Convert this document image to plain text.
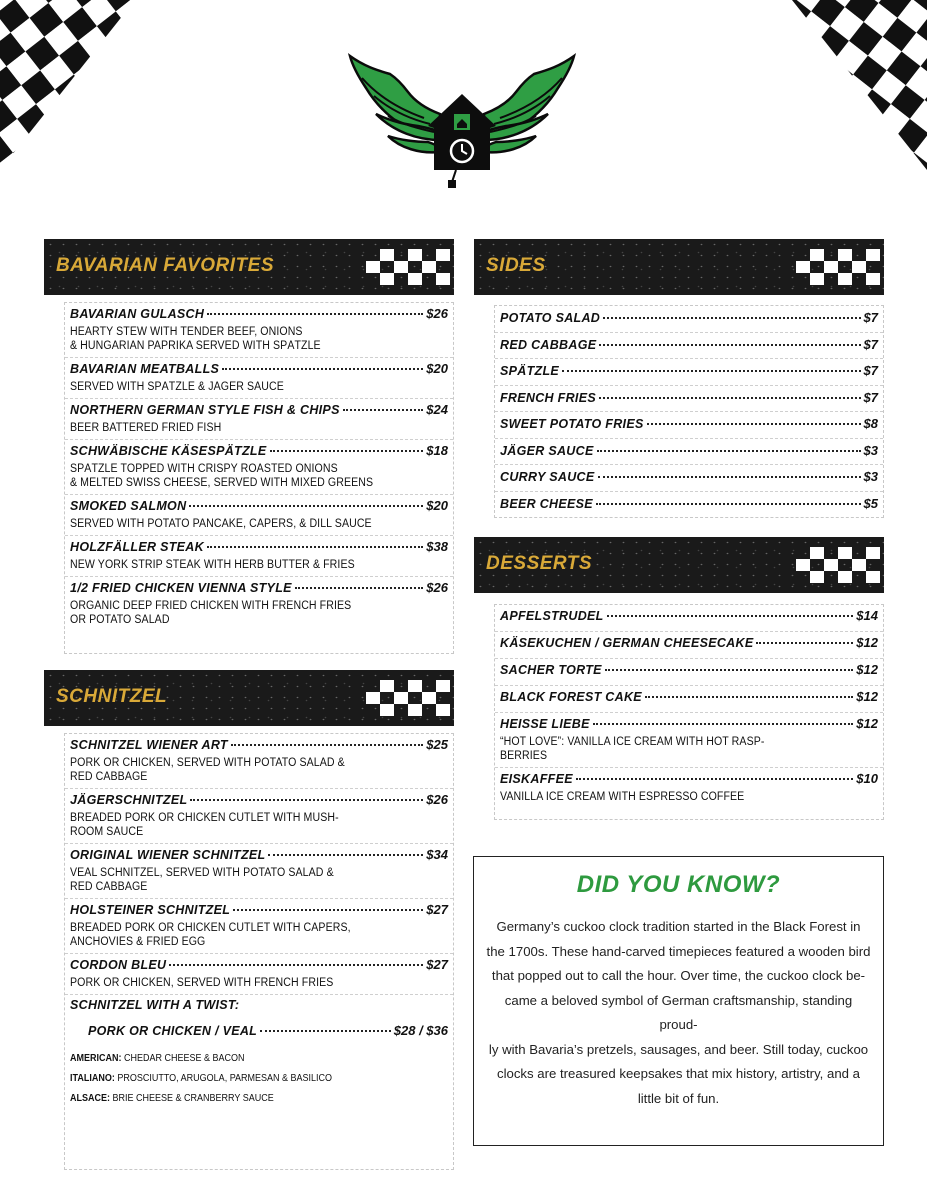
BAVARIAN FAVORITES
BAVARIAN GULASCH	$26
HEARTY STEW WITH TENDER BEEF, ONIONS
& HUNGARIAN PAPRIKA SERVED WITH SPÄTZLE
BAVARIAN MEATBALLS	$20
SERVED WITH SPÄTZLE & JÄGER SAUCE
NORTHERN GERMAN STYLE FISH & CHIPS	$24
BEER BATTERED FRIED FISH
SCHWÄBISCHE KÄSESPÄTZLE	$18
SPÄTZLE TOPPED WITH CRISPY ROASTED ONIONS
& MELTED SWISS CHEESE, SERVED WITH MIXED GREENS
SMOKED SALMON	$20
SERVED WITH POTATO PANCAKE, CAPERS, & DILL SAUCE
HOLZFÄLLER STEAK	$38
NEW YORK STRIP STEAK WITH HERB BUTTER & FRIES
1/2 FRIED CHICKEN VIENNA STYLE	$26
ORGANIC DEEP FRIED CHICKEN WITH FRENCH FRIES
OR POTATO SALAD
SCHNITZEL
SCHNITZEL WIENER ART	$25
PORK OR CHICKEN, SERVED WITH POTATO SALAD &
RED CABBAGE
JÄGERSCHNITZEL	$26
BREADED PORK OR CHICKEN CUTLET WITH MUSH-
ROOM SAUCE
ORIGINAL WIENER SCHNITZEL	$34
VEAL SCHNITZEL, SERVED WITH POTATO SALAD &
RED CABBAGE
HOLSTEINER SCHNITZEL	$27
BREADED PORK OR CHICKEN CUTLET WITH CAPERS,
ANCHOVIES & FRIED EGG
CORDON BLEU	$27
PORK OR CHICKEN, SERVED WITH FRENCH FRIES
SCHNITZEL WITH A TWIST:
PORK OR CHICKEN / VEAL	$28 / $36
AMERICAN: CHEDAR CHEESE & BACON
ITALIANO: PROSCIUTTO, ARUGOLA, PARMESAN & BASILICO
ALSACE: BRIE CHEESE & CRANBERRY SAUCE
SIDES
POTATO SALAD	$7
RED CABBAGE	$7
SPÄTZLE	$7
FRENCH FRIES	$7
SWEET POTATO FRIES	$8
JÄGER SAUCE	$3
CURRY SAUCE	$3
BEER CHEESE	$5
DESSERTS
APFELSTRUDEL	$14
KÄSEKUCHEN / GERMAN CHEESECAKE	$12
SACHER TORTE	$12
BLACK FOREST CAKE	$12
HEISSE LIEBE	$12
“HOT LOVE”: VANILLA ICE CREAM WITH HOT RASP-
BERRIES
EISKAFFEE	$10
VANILLA ICE CREAM WITH ESPRESSO COFFEE
DID YOU KNOW?
Germany’s cuckoo clock tradition started in the Black Forest in
the 1700s. These hand-carved timepieces featured a wooden bird
that popped out to call the hour. Over time, the cuckoo clock be-
came a beloved symbol of German craftsmanship, standing proud-
ly with Bavaria’s pretzels, sausages, and beer. Still today, cuckoo
clocks are treasured keepsakes that mix history, artistry, and a
little bit of fun.
